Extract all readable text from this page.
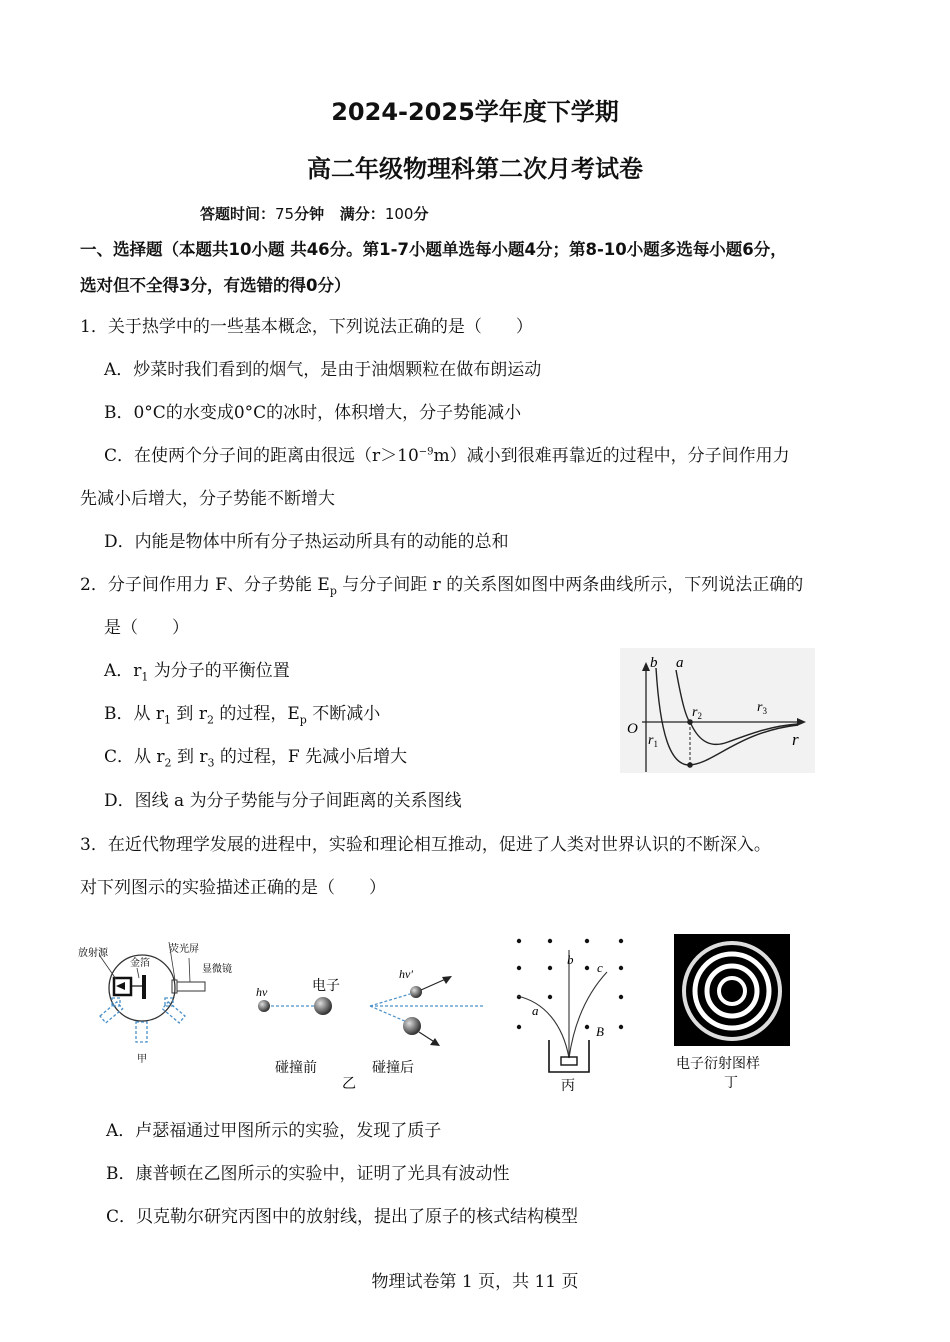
2024-2025学年度下学期
高二年级物理科第二次月考试卷
答题时间：75分钟 满分：100分
一、选择题（本题共10小题 共46分。第1-7小题单选每小题4分；第8-10小题多选每小题6分，
选对但不全得3分，有选错的得0分）
1．关于热学中的一些基本概念，下列说法正确的是（　　）
A．炒菜时我们看到的烟气，是由于油烟颗粒在做布朗运动
B．0°C的水变成0°C的冰时，体积增大，分子势能减小
C．在使两个分子间的距离由很远$(r>10^{-9}m)$减小到很难再靠近的过程中，分子间作用力
先减小后增大，分子势能不断增大
D．内能是物体中所有分子热运动所具有的动能的总和
2．分子间作用力 F、分子势能 $E_p$ 与分子间距 r 的关系图如图中两条曲线所示，下列说法正确的
是（　　）
A．$r_1$ 为分子的平衡位置
B．从 $r_1$ 到 $r_2$ 的过程，$E_p$ 不断减小
C．从 $r_2$ 到 $r_3$ 的过程，F 先减小后增大
D．图线 a 为分子势能与分子间距离的关系图线
b a
O
r
$r_1$
$r_2$
$r_3$
3．在近代物理学发展的进程中，实验和理论相互推动，促进了人类对世界认识的不断深入。
对下列图示的实验描述正确的是（　　）
放射源
金箔
荧光屏
显微镜
甲
hν	电子
hν′
碰撞前	碰撞后
乙
a
b
c
B
丙
电子衍射图样
丁
A．卢瑟福通过甲图所示的实验，发现了质子
B．康普顿在乙图所示的实验中，证明了光具有波动性
C．贝克勒尔研究丙图中的放射线，提出了原子的核式结构模型
物理试卷第 1 页，共 11 页
